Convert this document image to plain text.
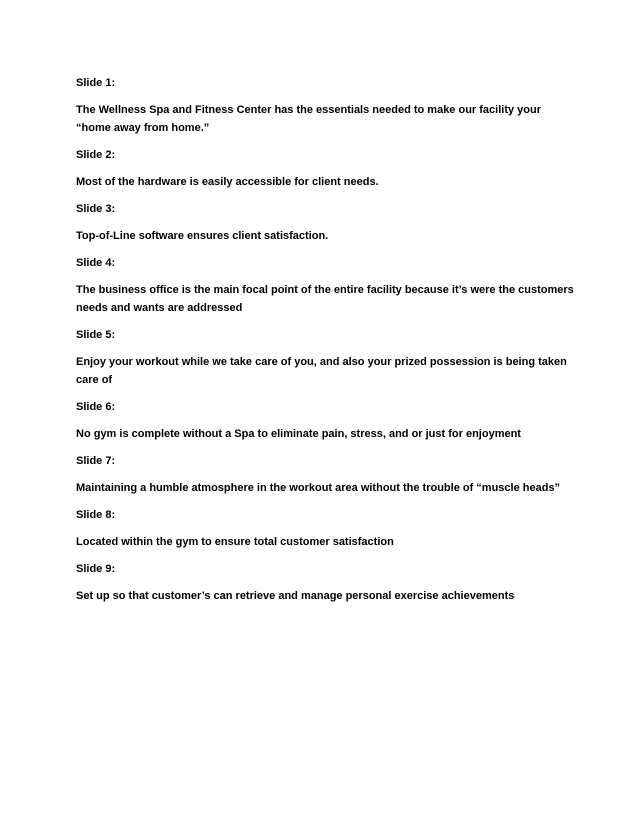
Slide 1:

The Wellness Spa and Fitness Center has the essentials needed to make our facility your “home away from home.”

Slide 2:

Most of the hardware is easily accessible for client needs.

Slide 3:

Top-of-Line software ensures client satisfaction.

Slide 4:

The business office is the main focal point of the entire facility because it’s were the customers needs and wants are addressed

Slide 5:

Enjoy your workout while we take care of you, and also your prized possession is being taken care of

Slide 6:

No gym is complete without a Spa to eliminate pain, stress, and or just for enjoyment

Slide 7:

Maintaining a humble atmosphere in the workout area without the trouble of “muscle heads”

Slide 8:

Located within the gym to ensure total customer satisfaction

Slide 9:

Set up so that customer’s can retrieve and manage personal exercise achievements
